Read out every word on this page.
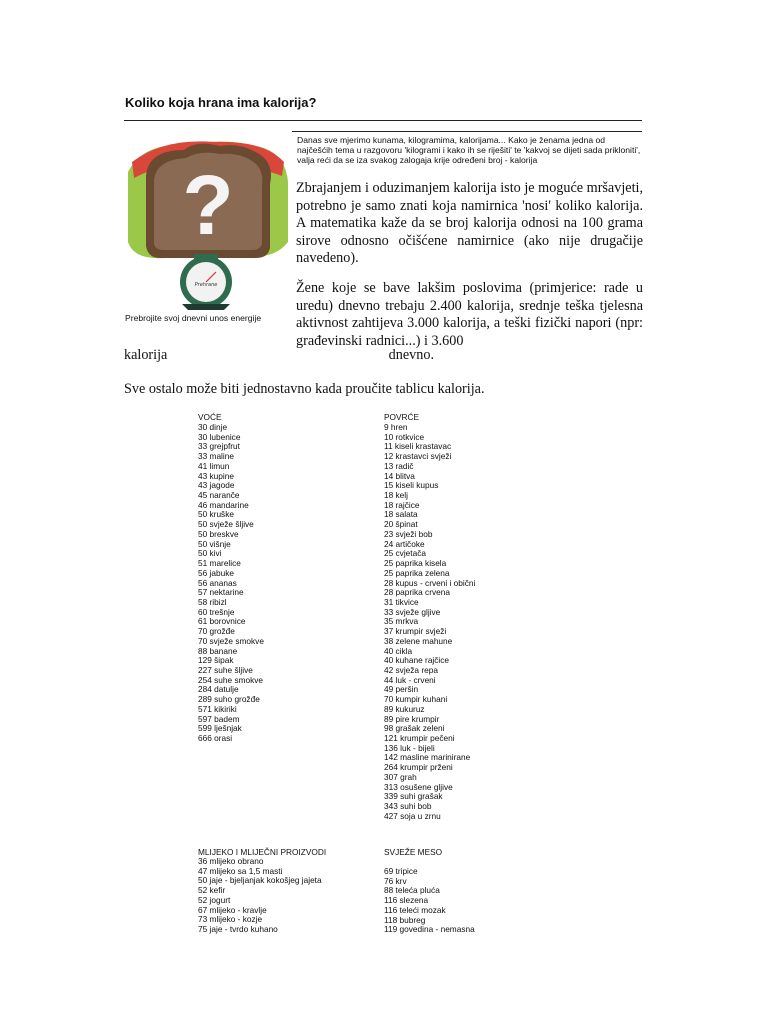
Koliko koja hrana ima kalorija?
?
Prehrane
Prebrojite svoj dnevni unos energije
Danas sve mjerimo kunama, kilogramima, kalorijama... Kako je ženama jedna od najčešćih tema u razgovoru 'kilogrami i kako ih se riješiti' te 'kakvoj se dijeti sada prikloniti', valja reći da se iza svakog zalogaja krije određeni broj - kalorija

Zbrajanjem i oduzimanjem kalorija isto je moguće mršavjeti, potrebno je samo znati koja namirnica 'nosi' koliko kalorija. A matematika kaže da se broj kalorija odnosi na 100 grama sirove odnosno očišćene namirnice (ako nije drugačije navedeno).

Žene koje se bave lakšim poslovima (primjerice: rade u uredu) dnevno trebaju 2.400 kalorija, srednje teška tjelesna aktivnost zahtijeva 3.000 kalorija, a teški fizički napori (npr: građevinski radnici...) i 3.600

kalorija	dnevno.

Sve ostalo može biti jednostavno kada proučite tablicu kalorija.

VOĆE
30 dinje
30 lubenice
33 grejpfrut
33 maline
41 limun
43 kupine
43 jagode
45 naranče
46 mandarine
50 kruške
50 svježe šljive
50 breskve
50 višnje
50 kivi
51 marelice
56 jabuke
56 ananas
57 nektarine
58 ribizl
60 trešnje
61 borovnice
70 grožđe
70 svježe smokve
88 banane
129 šipak
227 suhe šljive
254 suhe smokve
284 datulje
289 suho grožđe
571 kikiriki
597 badem
599 lješnjak
666 orasi
POVRĆE
9 hren
10 rotkvice
11 kiseli krastavac
12 krastavci svježi
13 radič
14 blitva
15 kiseli kupus
18 kelj
18 rajčice
18 salata
20 špinat
23 svježi bob
24 artičoke
25 cvjetača
25 paprika kisela
25 paprika zelena
28 kupus - crveni i obični
28 paprika crvena
31 tikvice
33 svježe gljive
35 mrkva
37 krumpir svježi
38 zelene mahune
40 cikla
40 kuhane rajčice
42 svježa repa
44 luk - crveni
49 peršin
70 kumpir kuhani
89 kukuruz
89 pire krumpir
98 grašak zeleni
121 krumpir pečeni
136 luk - bijeli
142 masline marinirane
264 krumpir prženi
307 grah
313 osušene gljive
339 suhi grašak
343 suhi bob
427 soja u zrnu
MLIJEKO I MLIJEČNI PROIZVODI
36 mlijeko obrano
47 mlijeko sa 1,5 masti
50 jaje - bjeljanjak kokošjeg jajeta
52 kefir
52 jogurt
67 mlijeko - kravlje
73 mlijeko - kozje
75 jaje - tvrdo kuhano
SVJEŽE MESO
69 tripice
76 krv
88 teleća pluća
116 slezena
116 teleći mozak
118 bubreg
119 govedina - nemasna
